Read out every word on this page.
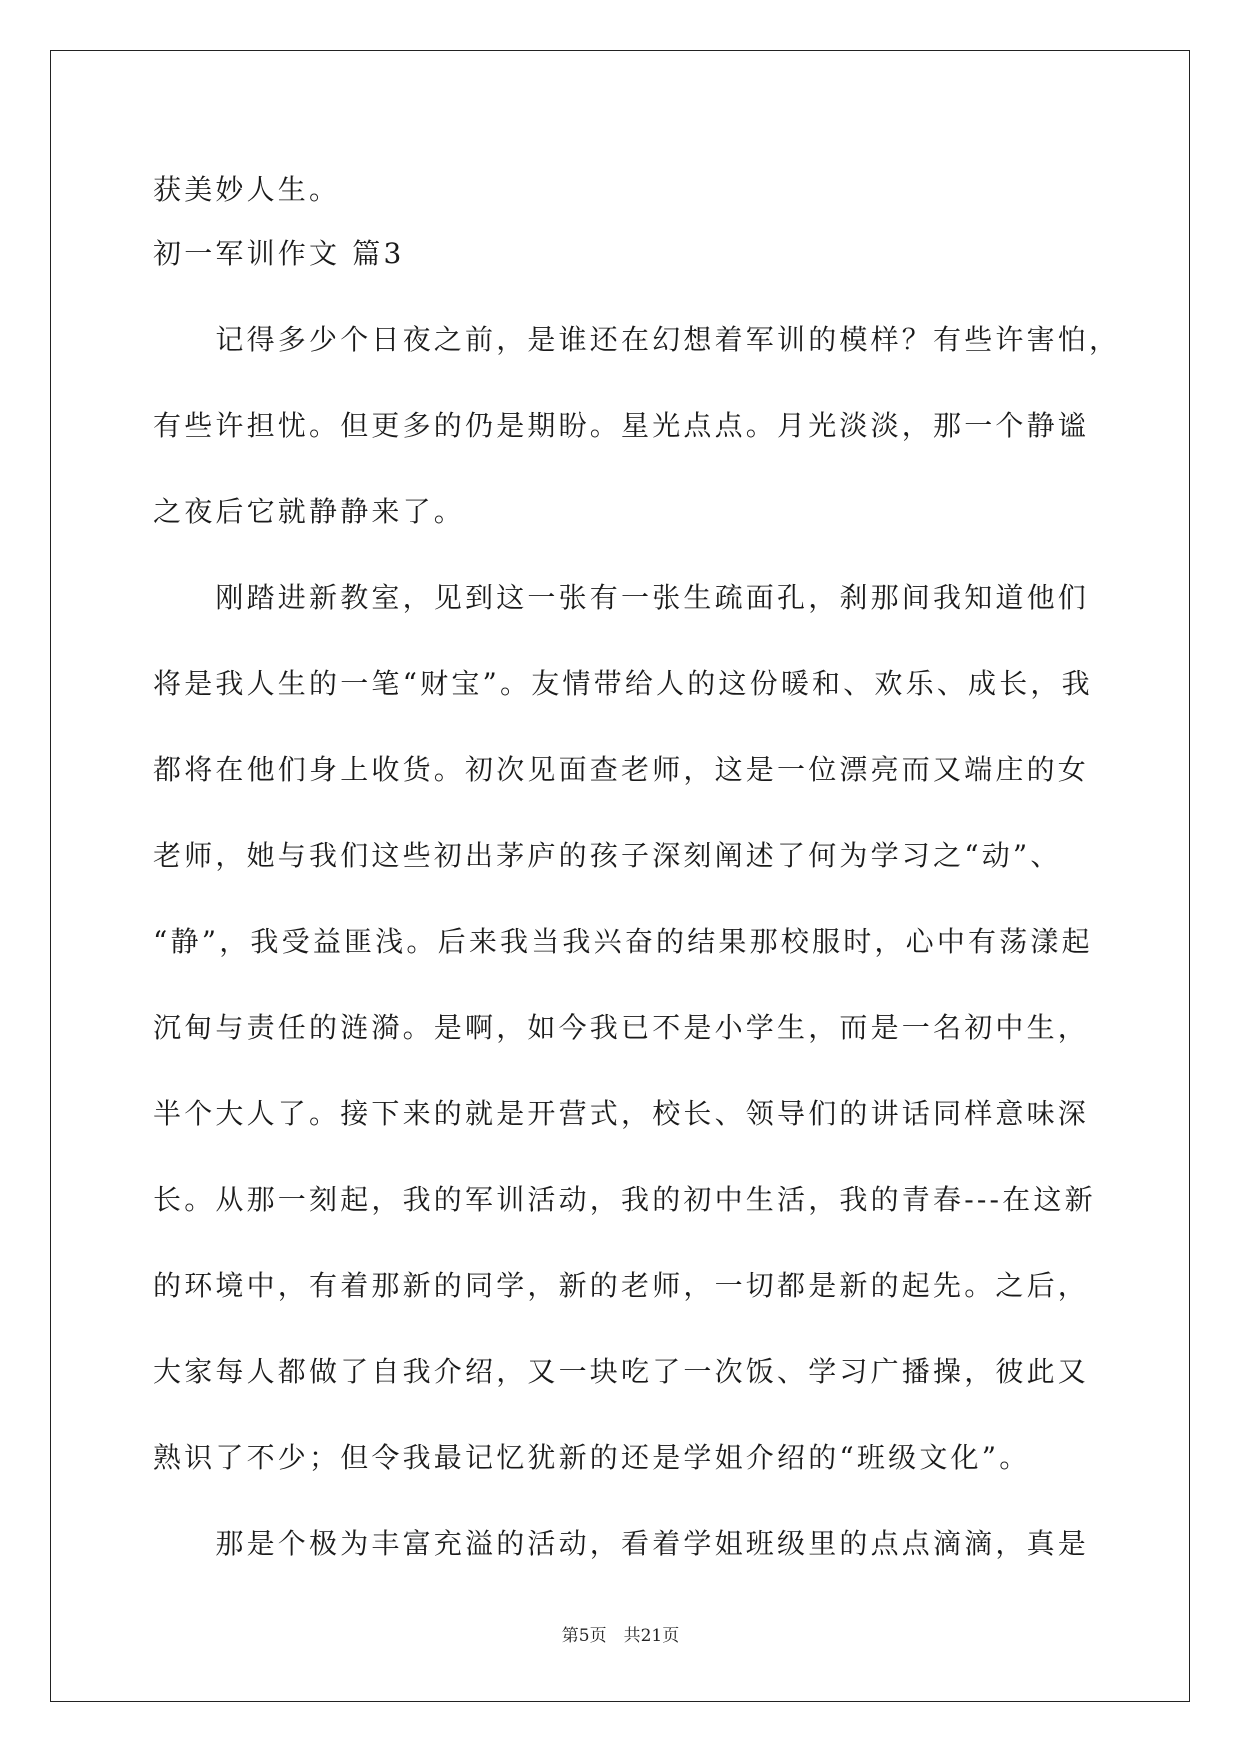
获美妙人生。
初一军训作文 篇3
　　记得多少个日夜之前，是谁还在幻想着军训的模样？有些许害怕，
有些许担忧。但更多的仍是期盼。星光点点。月光淡淡，那一个静谧
之夜后它就静静来了。
　　刚踏进新教室，见到这一张有一张生疏面孔，刹那间我知道他们
将是我人生的一笔“财宝”。友情带给人的这份暖和、欢乐、成长，我
都将在他们身上收货。初次见面查老师，这是一位漂亮而又端庄的女
老师，她与我们这些初出茅庐的孩子深刻阐述了何为学习之“动”、
“静”，我受益匪浅。后来我当我兴奋的结果那校服时，心中有荡漾起
沉甸与责任的涟漪。是啊，如今我已不是小学生，而是一名初中生，
半个大人了。接下来的就是开营式，校长、领导们的讲话同样意味深
长。从那一刻起，我的军训活动，我的初中生活，我的青春---在这新
的环境中，有着那新的同学，新的老师，一切都是新的起先。之后，
大家每人都做了自我介绍，又一块吃了一次饭、学习广播操，彼此又
熟识了不少；但令我最记忆犹新的还是学姐介绍的“班级文化”。
　　那是个极为丰富充溢的活动，看着学姐班级里的点点滴滴，真是
第5页　共21页
